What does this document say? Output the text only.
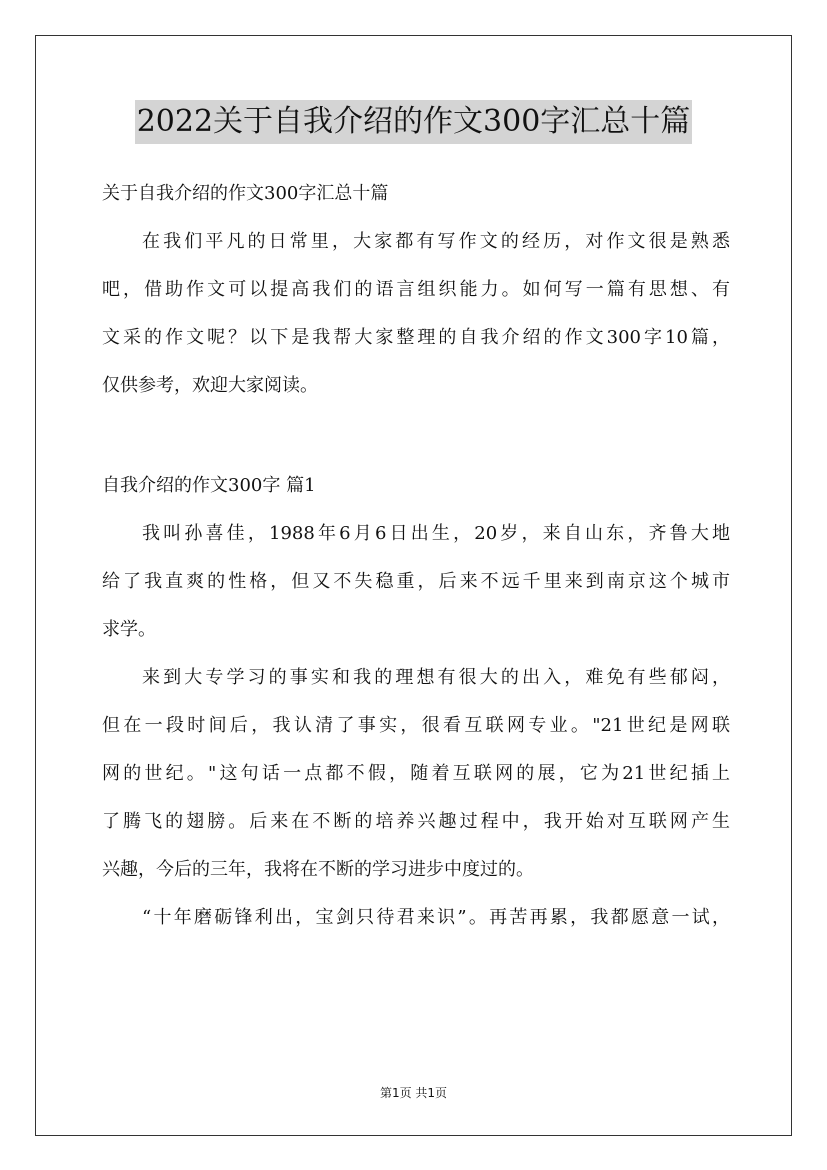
2022关于自我介绍的作文300字汇总十篇
关于自我介绍的作文300字汇总十篇
在我们平凡的日常里，大家都有写作文的经历，对作文很是熟悉
吧，借助作文可以提高我们的语言组织能力。如何写一篇有思想、有
文采的作文呢？以下是我帮大家整理的自我介绍的作文300字10篇，
仅供参考，欢迎大家阅读。
自我介绍的作文300字 篇1
我叫孙喜佳，1988年6月6日出生，20岁，来自山东，齐鲁大地
给了我直爽的性格，但又不失稳重，后来不远千里来到南京这个城市
求学。
来到大专学习的事实和我的理想有很大的出入，难免有些郁闷，
但在一段时间后，我认清了事实，很看互联网专业。"21世纪是网联
网的世纪。"这句话一点都不假，随着互联网的展，它为21世纪插上
了腾飞的翅膀。后来在不断的培养兴趣过程中，我开始对互联网产生
兴趣，今后的三年，我将在不断的学习进步中度过的。
“十年磨砺锋利出，宝剑只待君来识”。再苦再累，我都愿意一试，
第1页 共1页
